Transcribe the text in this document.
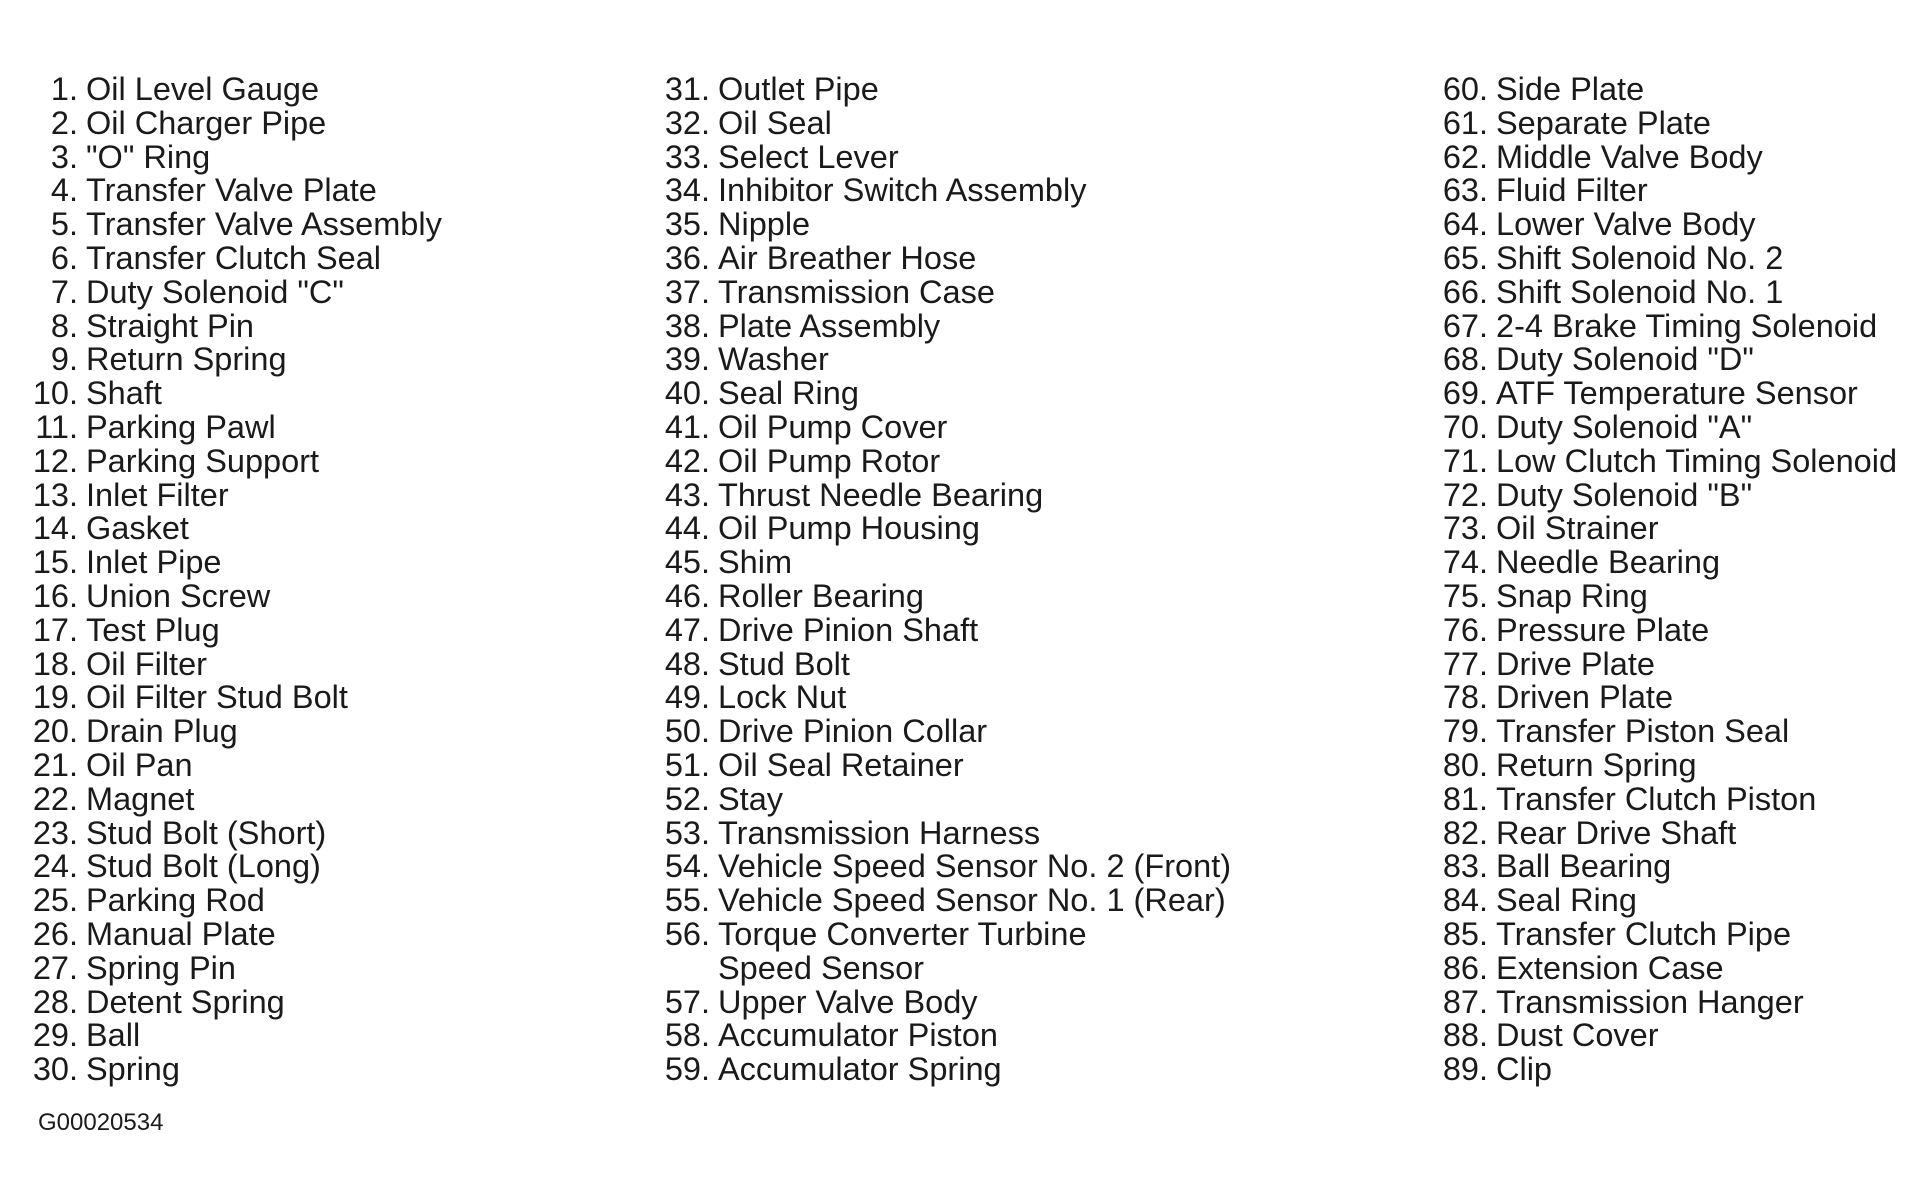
1. Oil Level Gauge
2. Oil Charger Pipe
3. "O" Ring
4. Transfer Valve Plate
5. Transfer Valve Assembly
6. Transfer Clutch Seal
7. Duty Solenoid "C"
8. Straight Pin
9. Return Spring
10. Shaft
11. Parking Pawl
12. Parking Support
13. Inlet Filter
14. Gasket
15. Inlet Pipe
16. Union Screw
17. Test Plug
18. Oil Filter
19. Oil Filter Stud Bolt
20. Drain Plug
21. Oil Pan
22. Magnet
23. Stud Bolt (Short)
24. Stud Bolt (Long)
25. Parking Rod
26. Manual Plate
27. Spring Pin
28. Detent Spring
29. Ball
30. Spring
31. Outlet Pipe
32. Oil Seal
33. Select Lever
34. Inhibitor Switch Assembly
35. Nipple
36. Air Breather Hose
37. Transmission Case
38. Plate Assembly
39. Washer
40. Seal Ring
41. Oil Pump Cover
42. Oil Pump Rotor
43. Thrust Needle Bearing
44. Oil Pump Housing
45. Shim
46. Roller Bearing
47. Drive Pinion Shaft
48. Stud Bolt
49. Lock Nut
50. Drive Pinion Collar
51. Oil Seal Retainer
52. Stay
53. Transmission Harness
54. Vehicle Speed Sensor No. 2 (Front)
55. Vehicle Speed Sensor No. 1 (Rear)
56. Torque Converter Turbine
Speed Sensor
57. Upper Valve Body
58. Accumulator Piston
59. Accumulator Spring
60. Side Plate
61. Separate Plate
62. Middle Valve Body
63. Fluid Filter
64. Lower Valve Body
65. Shift Solenoid No. 2
66. Shift Solenoid No. 1
67. 2-4 Brake Timing Solenoid
68. Duty Solenoid "D"
69. ATF Temperature Sensor
70. Duty Solenoid "A"
71. Low Clutch Timing Solenoid
72. Duty Solenoid "B"
73. Oil Strainer
74. Needle Bearing
75. Snap Ring
76. Pressure Plate
77. Drive Plate
78. Driven Plate
79. Transfer Piston Seal
80. Return Spring
81. Transfer Clutch Piston
82. Rear Drive Shaft
83. Ball Bearing
84. Seal Ring
85. Transfer Clutch Pipe
86. Extension Case
87. Transmission Hanger
88. Dust Cover
89. Clip
G00020534
